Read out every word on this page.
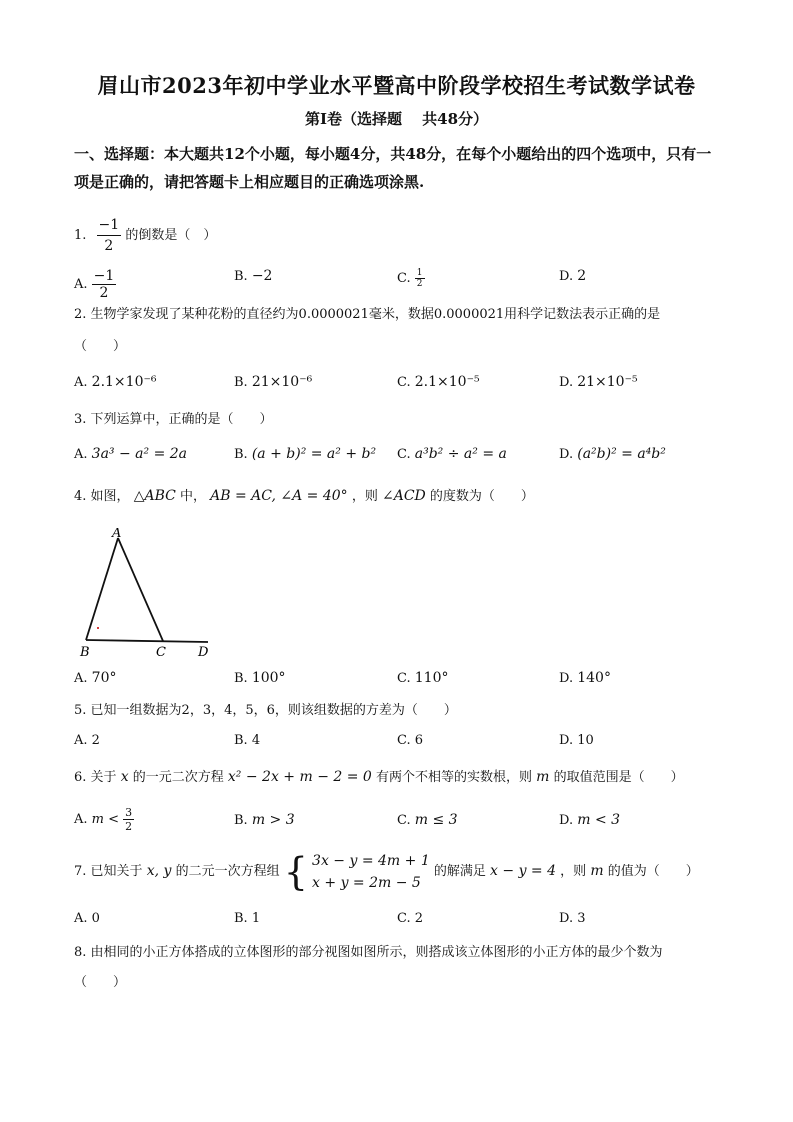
眉山市2023年初中学业水平暨高中阶段学校招生考试数学试卷
第Ⅰ卷（选择题　 共48分）
一、选择题：本大题共12个小题，每小题4分，共48分，在每个小题给出的四个选项中，只有一项是正确的，请把答题卡上相应题目的正确选项涂黑.
1. $\frac{-1}{2}$ 的倒数是（　）
A. $\frac{-1}{2}$	B. −2	C. $\frac{1}{2}$	D. 2
2. 生物学家发现了某种花粉的直径约为0.0000021毫米，数据0.0000021用科学记数法表示正确的是
（　　）
A. 2.1×10⁻⁶	B. 21×10⁻⁶	C. 2.1×10⁻⁵	D. 21×10⁻⁵
3. 下列运算中，正确的是（　　）
A. 3a³ − a² = 2a	B. (a + b)² = a² + b² C. a³b² ÷ a² = a	D. (a²b)² = a⁴b²
4. 如图， △ABC 中， AB = AC, ∠A = 40° ，则 ∠ACD 的度数为（　　）
A
B	C D
A. 70°	B. 100°	C. 110°	D. 140°
5. 已知一组数据为2，3，4，5，6，则该组数据的方差为（　　）
A. 2	B. 4	C. 6	D. 10
6. 关于 x 的一元二次方程 x² − 2x + m − 2 = 0 有两个不相等的实数根，则 m 的取值范围是（　　）
A. $m < \frac{3}{2}$	B. m > 3	C. m ≤ 3	D. m < 3
7. 已知关于 x, y 的二元一次方程组 { 3x − y = 4m + 1
x + y = 2m − 5
的解满足 x − y = 4 ，则 m 的值为（　　）
A. 0	B. 1	C. 2	D. 3
8. 由相同的小正方体搭成的立体图形的部分视图如图所示，则搭成该立体图形的小正方体的最少个数为
（　　）
